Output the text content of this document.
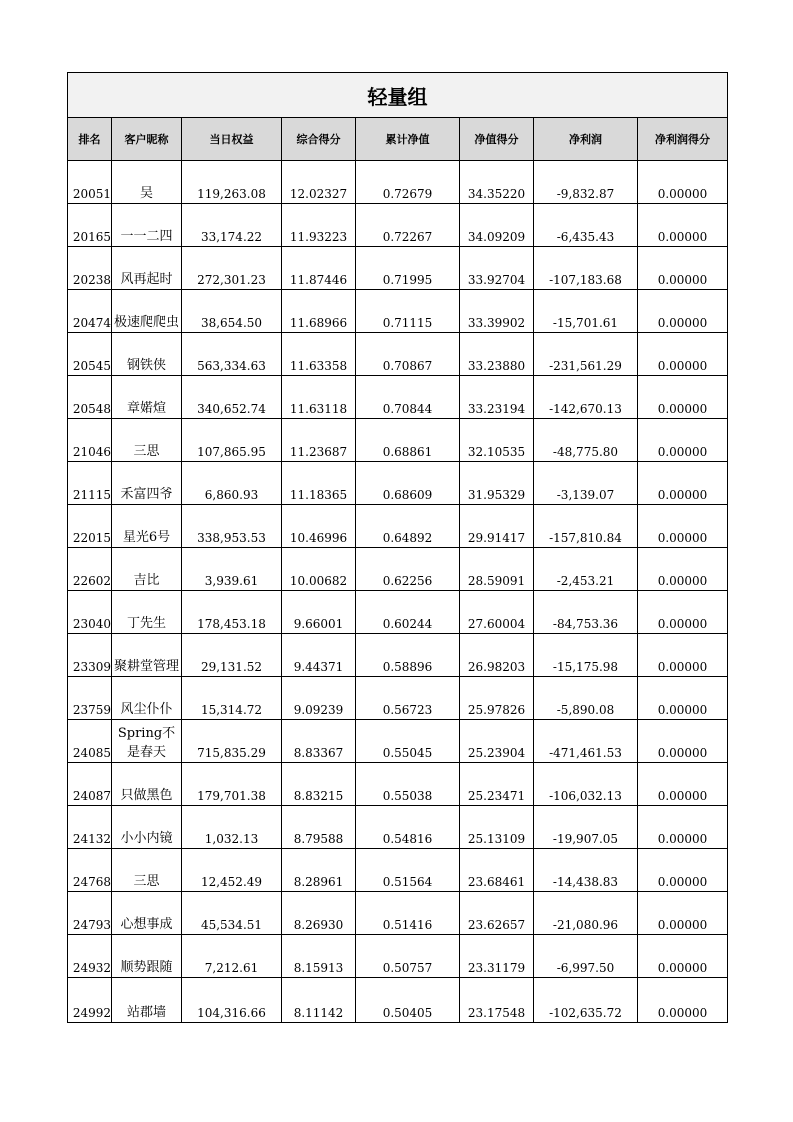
轻量组							
排名	客户昵称	当日权益	综合得分	累计净值	净值得分	净利润	净利润得分
20051	吴	119,263.08	12.02327	0.72679	34.35220	-9,832.87	0.00000
20165	一一二四	33,174.22	11.93223	0.72267	34.09209	-6,435.43	0.00000
20238	风再起时	272,301.23	11.87446	0.71995	33.92704	-107,183.68	0.00000
20474	极速爬爬虫	38,654.50	11.68966	0.71115	33.39902	-15,701.61	0.00000
20545	钢铁侠	563,334.63	11.63358	0.70867	33.23880	-231,561.29	0.00000
20548	章婼煊	340,652.74	11.63118	0.70844	33.23194	-142,670.13	0.00000
21046	三思	107,865.95	11.23687	0.68861	32.10535	-48,775.80	0.00000
21115	禾富四爷	6,860.93	11.18365	0.68609	31.95329	-3,139.07	0.00000
22015	星光6号	338,953.53	10.46996	0.64892	29.91417	-157,810.84	0.00000
22602	吉比	3,939.61	10.00682	0.62256	28.59091	-2,453.21	0.00000
23040	丁先生	178,453.18	9.66001	0.60244	27.60004	-84,753.36	0.00000
23309	聚耕堂管理	29,131.52	9.44371	0.58896	26.98203	-15,175.98	0.00000
23759	风尘仆仆	15,314.72	9.09239	0.56723	25.97826	-5,890.08	0.00000
24085	Spring不是春天	715,835.29	8.83367	0.55045	25.23904	-471,461.53	0.00000
24087	只做黑色	179,701.38	8.83215	0.55038	25.23471	-106,032.13	0.00000
24132	小小内镜	1,032.13	8.79588	0.54816	25.13109	-19,907.05	0.00000
24768	三思	12,452.49	8.28961	0.51564	23.68461	-14,438.83	0.00000
24793	心想事成	45,534.51	8.26930	0.51416	23.62657	-21,080.96	0.00000
24932	顺势跟随	7,212.61	8.15913	0.50757	23.31179	-6,997.50	0.00000
24992	站郡墙	104,316.66	8.11142	0.50405	23.17548	-102,635.72	0.00000
